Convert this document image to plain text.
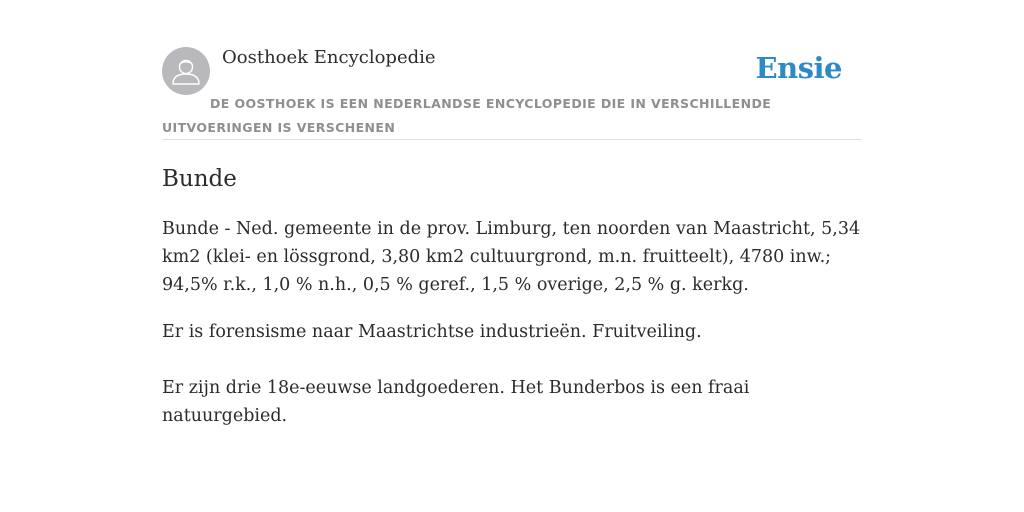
Oosthoek Encyclopedie	Ensie
DE OOSTHOEK IS EEN NEDERLANDSE ENCYCLOPEDIE DIE IN VERSCHILLENDE UITVOERINGEN IS VERSCHENEN
Bunde

Bunde - Ned. gemeente in de prov. Limburg, ten noorden van Maastricht, 5,34 km2 (klei- en lössgrond, 3,80 km2 cultuurgrond, m.n. fruitteelt), 4780 inw.; 94,5% r.k., 1,0 % n.h., 0,5 % geref., 1,5 % overige, 2,5 % g. kerkg.

Er is forensisme naar Maastrichtse industrieën. Fruitveiling.

Er zijn drie 18e-eeuwse landgoederen. Het Bunderbos is een fraai natuurgebied.
